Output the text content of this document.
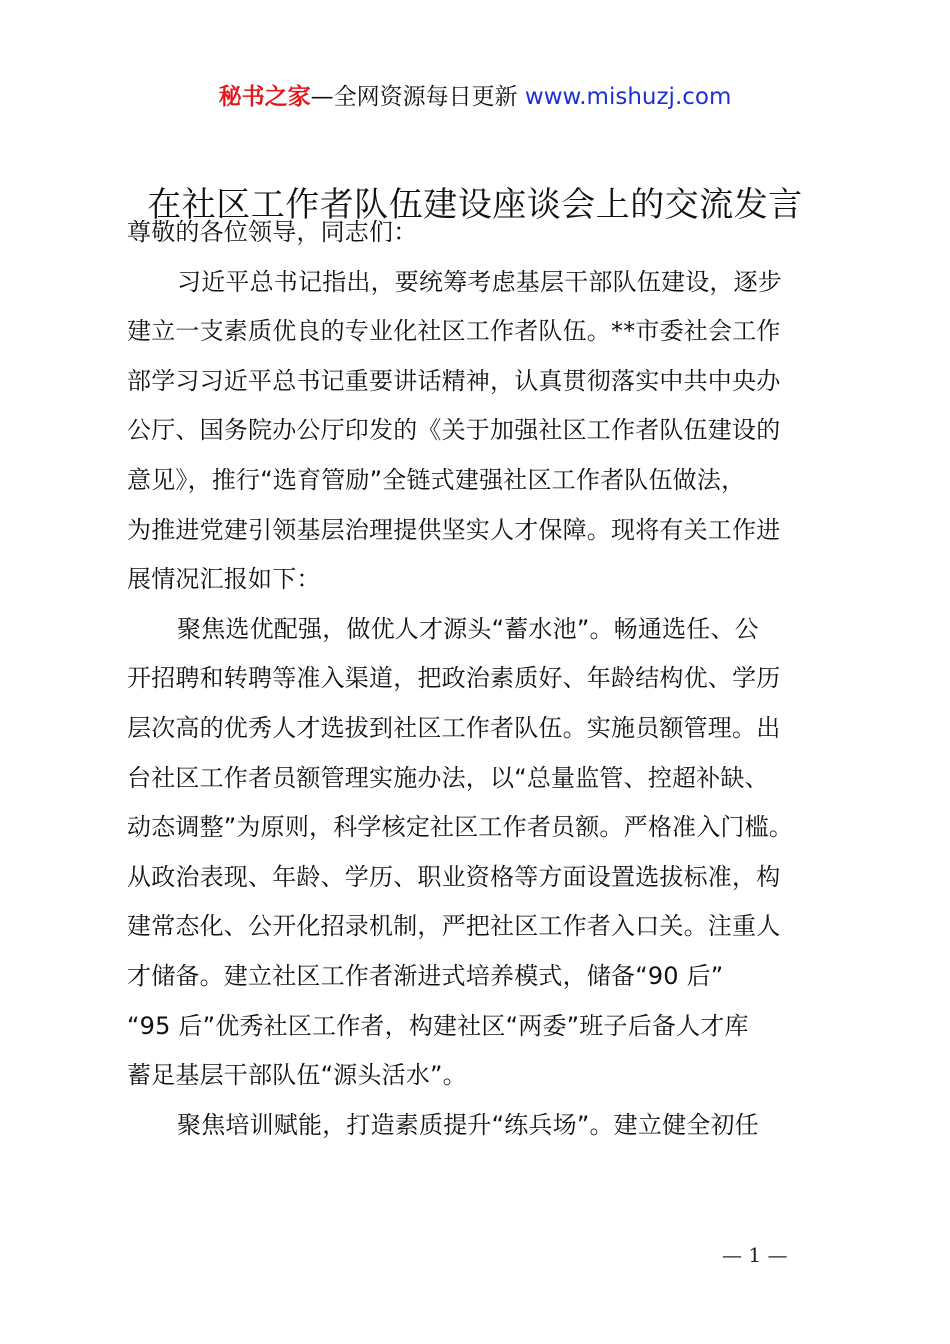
秘书之家—全网资源每日更新 www.mishuzj.com
在社区工作者队伍建设座谈会上的交流发言
尊敬的各位领导，同志们：
习近平总书记指出，要统筹考虑基层干部队伍建设，逐步
建立一支素质优良的专业化社区工作者队伍。**市委社会工作
部学习习近平总书记重要讲话精神，认真贯彻落实中共中央办
公厅、国务院办公厅印发的《关于加强社区工作者队伍建设的
意见》，推行“选育管励”全链式建强社区工作者队伍做法，
为推进党建引领基层治理提供坚实人才保障。现将有关工作进
展情况汇报如下：
聚焦选优配强，做优人才源头“蓄水池”。畅通选任、公
开招聘和转聘等准入渠道，把政治素质好、年龄结构优、学历
层次高的优秀人才选拔到社区工作者队伍。实施员额管理。出
台社区工作者员额管理实施办法，以“总量监管、控超补缺、
动态调整”为原则，科学核定社区工作者员额。严格准入门槛。
从政治表现、年龄、学历、职业资格等方面设置选拔标准，构
建常态化、公开化招录机制，严把社区工作者入口关。注重人
才储备。建立社区工作者渐进式培养模式，储备“90 后”
“95 后”优秀社区工作者，构建社区“两委”班子后备人才库
蓄足基层干部队伍“源头活水”。
聚焦培训赋能，打造素质提升“练兵场”。建立健全初任
— 1 —
